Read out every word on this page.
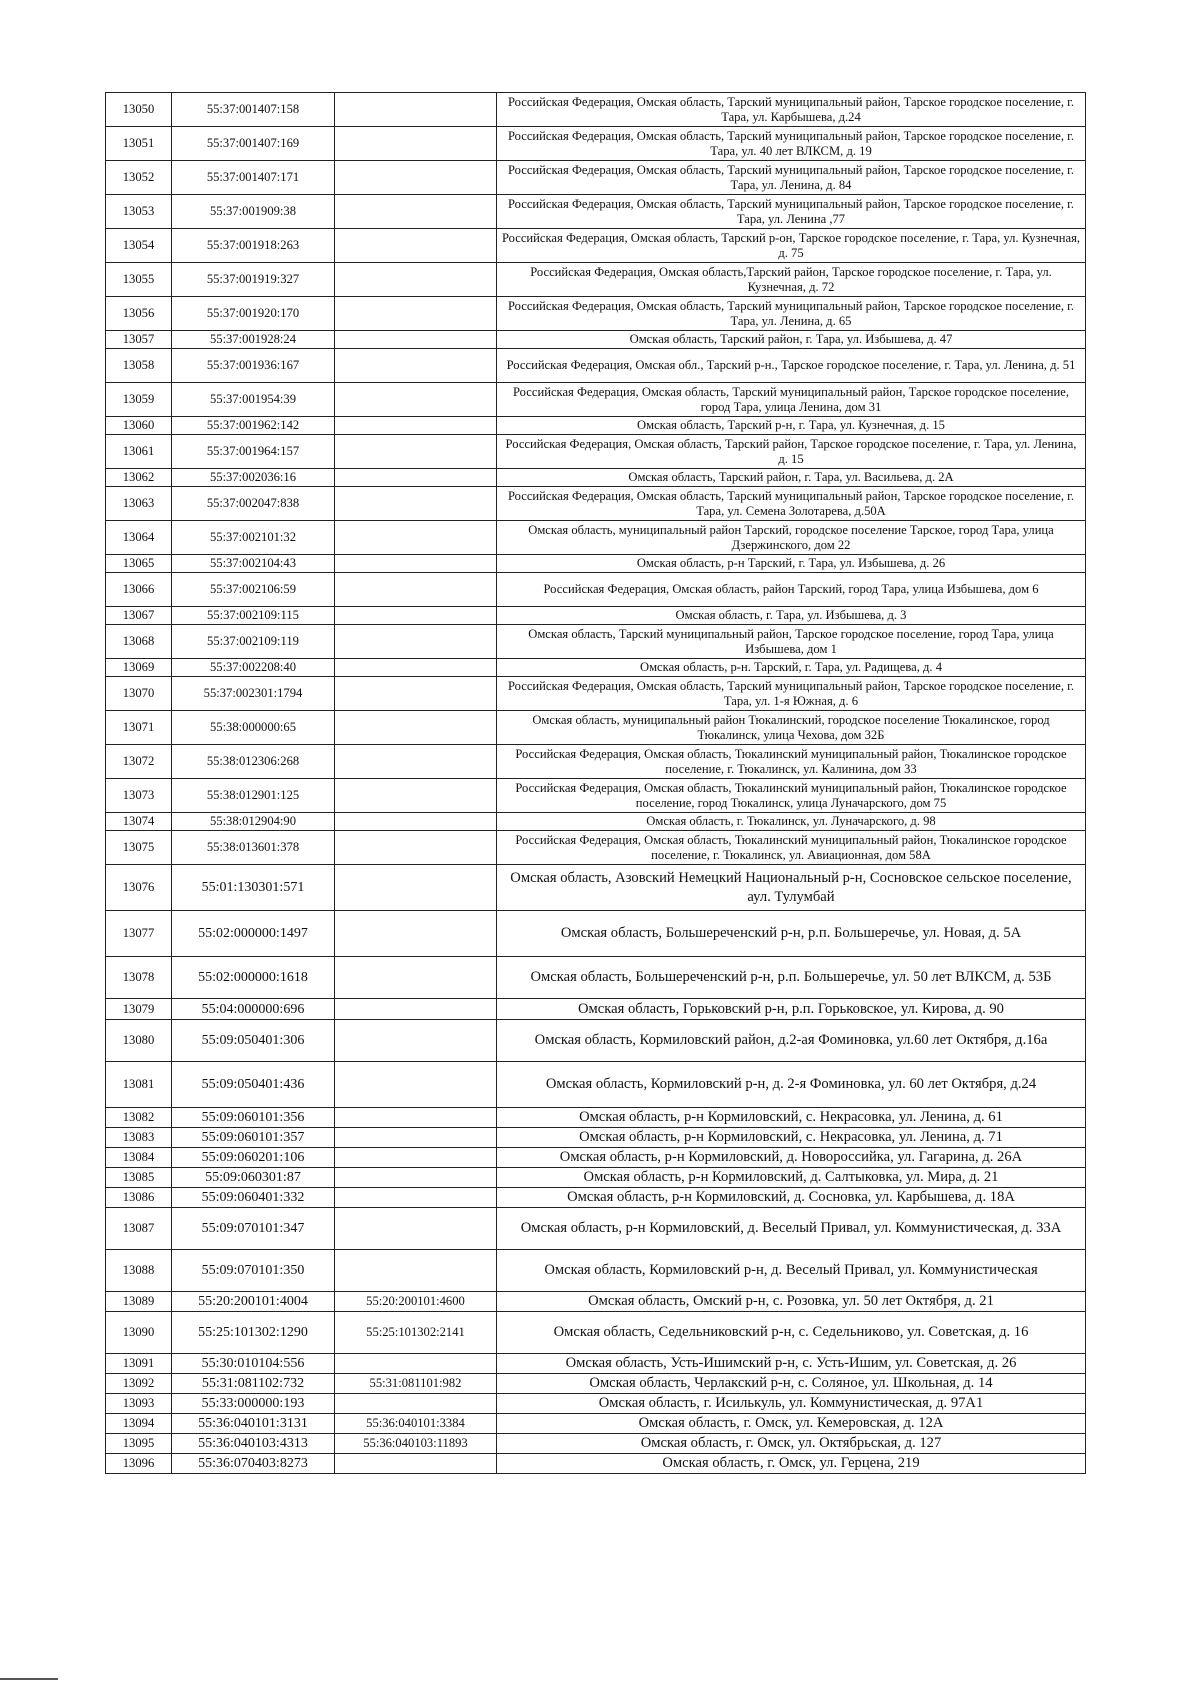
13050	55:37:001407:158		Российская Федерация, Омская область, Тарский муниципальный район, Тарское городское поселение, г. Тара, ул. Карбышева, д.24
13051	55:37:001407:169		Российская Федерация, Омская область, Тарский муниципальный район, Тарское городское поселение, г. Тара, ул. 40 лет ВЛКСМ, д. 19
13052	55:37:001407:171		Российская Федерация, Омская область, Тарский муниципальный район, Тарское городское поселение, г. Тара, ул. Ленина, д. 84
13053	55:37:001909:38		Российская Федерация, Омская область, Тарский муниципальный район, Тарское городское поселение, г. Тара, ул. Ленина ,77
13054	55:37:001918:263		Российская Федерация, Омская область, Тарский р-он, Тарское городское поселение, г. Тара, ул. Кузнечная, д. 75
13055	55:37:001919:327		Российская Федерация, Омская область,Тарский район, Тарское городское поселение, г. Тара, ул. Кузнечная, д. 72
13056	55:37:001920:170		Российская Федерация, Омская область, Тарский муниципальный район, Тарское городское поселение, г. Тара, ул. Ленина, д. 65
13057	55:37:001928:24		Омская область, Тарский район, г. Тара, ул. Избышева, д. 47
13058	55:37:001936:167		Российская Федерация, Омская обл., Тарский р-н., Тарское городское поселение, г. Тара, ул. Ленина, д. 51
13059	55:37:001954:39		Российская Федерация, Омская область, Тарский муниципальный район, Тарское городское поселение, город Тара, улица Ленина, дом 31
13060	55:37:001962:142		Омская область, Тарский р-н, г. Тара, ул. Кузнечная, д. 15
13061	55:37:001964:157		Российская Федерация, Омская область, Тарский район, Тарское городское поселение, г. Тара, ул. Ленина, д. 15
13062	55:37:002036:16		Омская область, Тарский район, г. Тара, ул. Васильева, д. 2А
13063	55:37:002047:838		Российская Федерация, Омская область, Тарский муниципальный район, Тарское городское поселение, г. Тара, ул. Семена Золотарева, д.50А
13064	55:37:002101:32		Омская область, муниципальный район Тарский, городское поселение Тарское, город Тара, улица Дзержинского, дом 22
13065	55:37:002104:43		Омская область, р-н Тарский, г. Тара, ул. Избышева, д. 26
13066	55:37:002106:59		Российская Федерация, Омская область, район Тарский, город Тара, улица Избышева, дом 6
13067	55:37:002109:115		Омская область, г. Тара, ул. Избышева, д. 3
13068	55:37:002109:119		Омская область, Тарский муниципальный район, Тарское городское поселение, город Тара, улица Избышева, дом 1
13069	55:37:002208:40		Омская область, р-н. Тарский, г. Тара, ул. Радищева, д. 4
13070	55:37:002301:1794		Российская Федерация, Омская область, Тарский муниципальный район, Тарское городское поселение, г. Тара, ул. 1-я Южная, д. 6
13071	55:38:000000:65		Омская область, муниципальный район Тюкалинский, городское поселение Тюкалинское, город Тюкалинск, улица Чехова, дом 32Б
13072	55:38:012306:268		Российская Федерация, Омская область, Тюкалинский муниципальный район, Тюкалинское городское поселение, г. Тюкалинск, ул. Калинина, дом 33
13073	55:38:012901:125		Российская Федерация, Омская область, Тюкалинский муниципальный район, Тюкалинское городское поселение, город Тюкалинск, улица Луначарского, дом 75
13074	55:38:012904:90		Омская область, г. Тюкалинск, ул. Луначарского, д. 98
13075	55:38:013601:378		Российская Федерация, Омская область, Тюкалинский муниципальный район, Тюкалинское городское поселение, г. Тюкалинск, ул. Авиационная, дом 58А
13076	55:01:130301:571		Омская область, Азовский Немецкий Национальный р-н, Сосновское сельское поселение, аул. Тулумбай
13077	55:02:000000:1497		Омская область, Большереченский р-н, р.п. Большеречье, ул. Новая, д. 5А
13078	55:02:000000:1618		Омская область, Большереченский р-н, р.п. Большеречье, ул. 50 лет ВЛКСМ, д. 53Б
13079	55:04:000000:696		Омская область, Горьковский р-н, р.п. Горьковское, ул. Кирова, д. 90
13080	55:09:050401:306		Омская область, Кормиловский район, д.2-ая Фоминовка, ул.60 лет Октября, д.16а
13081	55:09:050401:436		Омская область, Кормиловский р-н, д. 2-я Фоминовка, ул. 60 лет Октября, д.24
13082	55:09:060101:356		Омская область, р-н Кормиловский, с. Некрасовка, ул. Ленина, д. 61
13083	55:09:060101:357		Омская область, р-н Кормиловский, с. Некрасовка, ул. Ленина, д. 71
13084	55:09:060201:106		Омская область, р-н Кормиловский, д. Новороссийка, ул. Гагарина, д. 26А
13085	55:09:060301:87		Омская область, р-н Кормиловский, д. Салтыковка, ул. Мира, д. 21
13086	55:09:060401:332		Омская область, р-н Кормиловский, д. Сосновка, ул. Карбышева, д. 18А
13087	55:09:070101:347		Омская область, р-н Кормиловский, д. Веселый Привал, ул. Коммунистическая, д. 33А
13088	55:09:070101:350		Омская область, Кормиловский р-н, д. Веселый Привал, ул. Коммунистическая
13089	55:20:200101:4004	55:20:200101:4600	Омская область, Омский р-н, с. Розовка, ул. 50 лет Октября, д. 21
13090	55:25:101302:1290	55:25:101302:2141	Омская область, Седельниковский р-н, с. Седельниково, ул. Советская, д. 16
13091	55:30:010104:556		Омская область, Усть-Ишимский р-н, с. Усть-Ишим, ул. Советская, д. 26
13092	55:31:081102:732	55:31:081101:982	Омская область, Черлакский р-н, с. Соляное, ул. Школьная, д. 14
13093	55:33:000000:193		Омская область, г. Исилькуль, ул. Коммунистическая, д. 97А1
13094	55:36:040101:3131	55:36:040101:3384	Омская область, г. Омск, ул. Кемеровская, д. 12А
13095	55:36:040103:4313	55:36:040103:11893	Омская область, г. Омск, ул. Октябрьская, д. 127
13096	55:36:070403:8273		Омская область, г. Омск, ул. Герцена, 219
